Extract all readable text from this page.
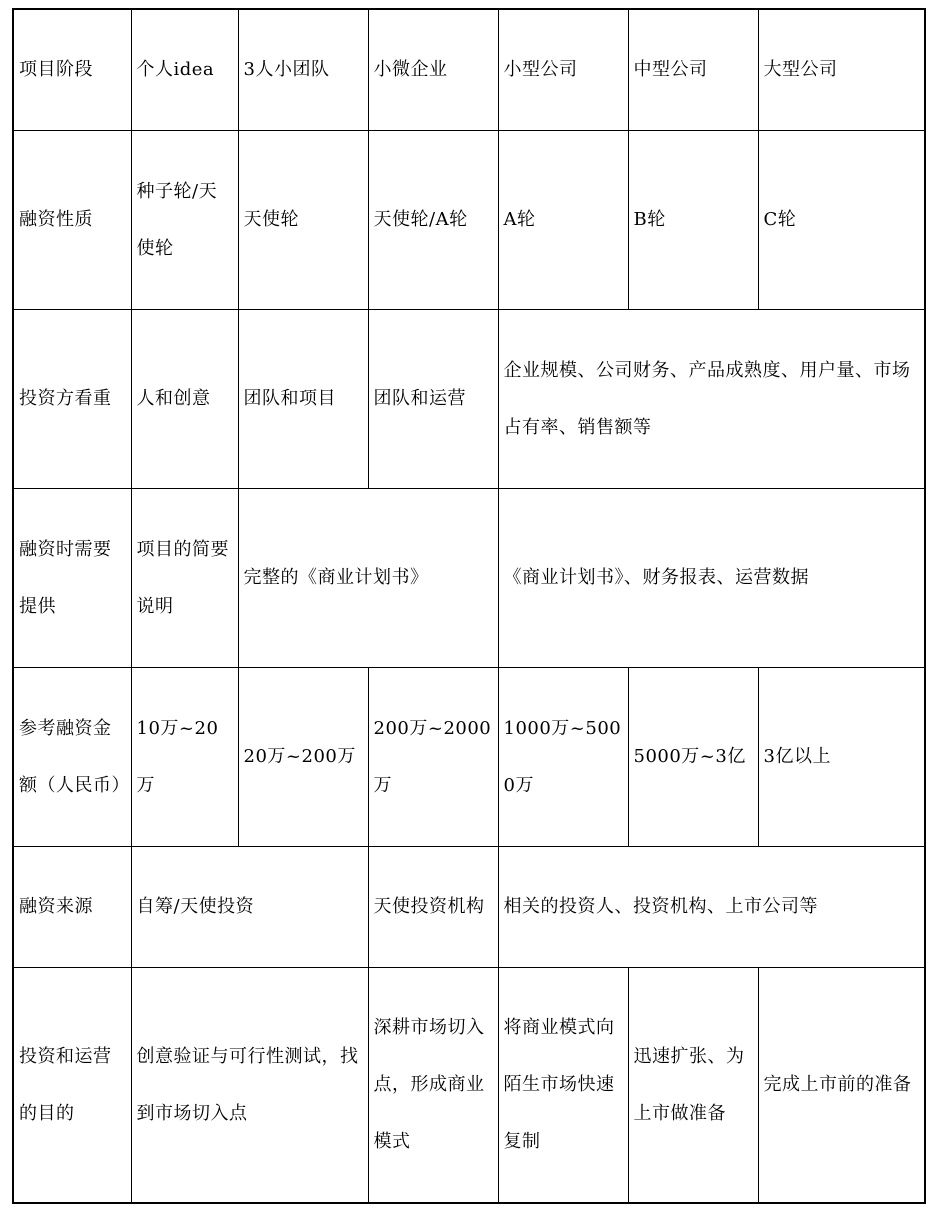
项目阶段	个人idea	3人小团队	小微企业	小型公司	中型公司	大型公司
融资性质	种子轮/天使轮	天使轮	天使轮/A轮	A轮	B轮	C轮
投资方看重	人和创意	团队和项目	团队和运营	企业规模、公司财务、产品成熟度、用户量、市场占有率、销售额等		
融资时需要提供	项目的简要说明	完整的《商业计划书》		《商业计划书》、财务报表、运营数据		
参考融资金额（人民币）	10万~20万	20万~200万	200万~2000万	1000万~5000万	5000万~3亿	3亿以上
融资来源	自筹/天使投资		天使投资机构	相关的投资人、投资机构、上市公司等		
投资和运营的目的	创意验证与可行性测试，找到市场切入点		深耕市场切入点，形成商业模式	将商业模式向陌生市场快速复制	迅速扩张、为上市做准备	完成上市前的准备
